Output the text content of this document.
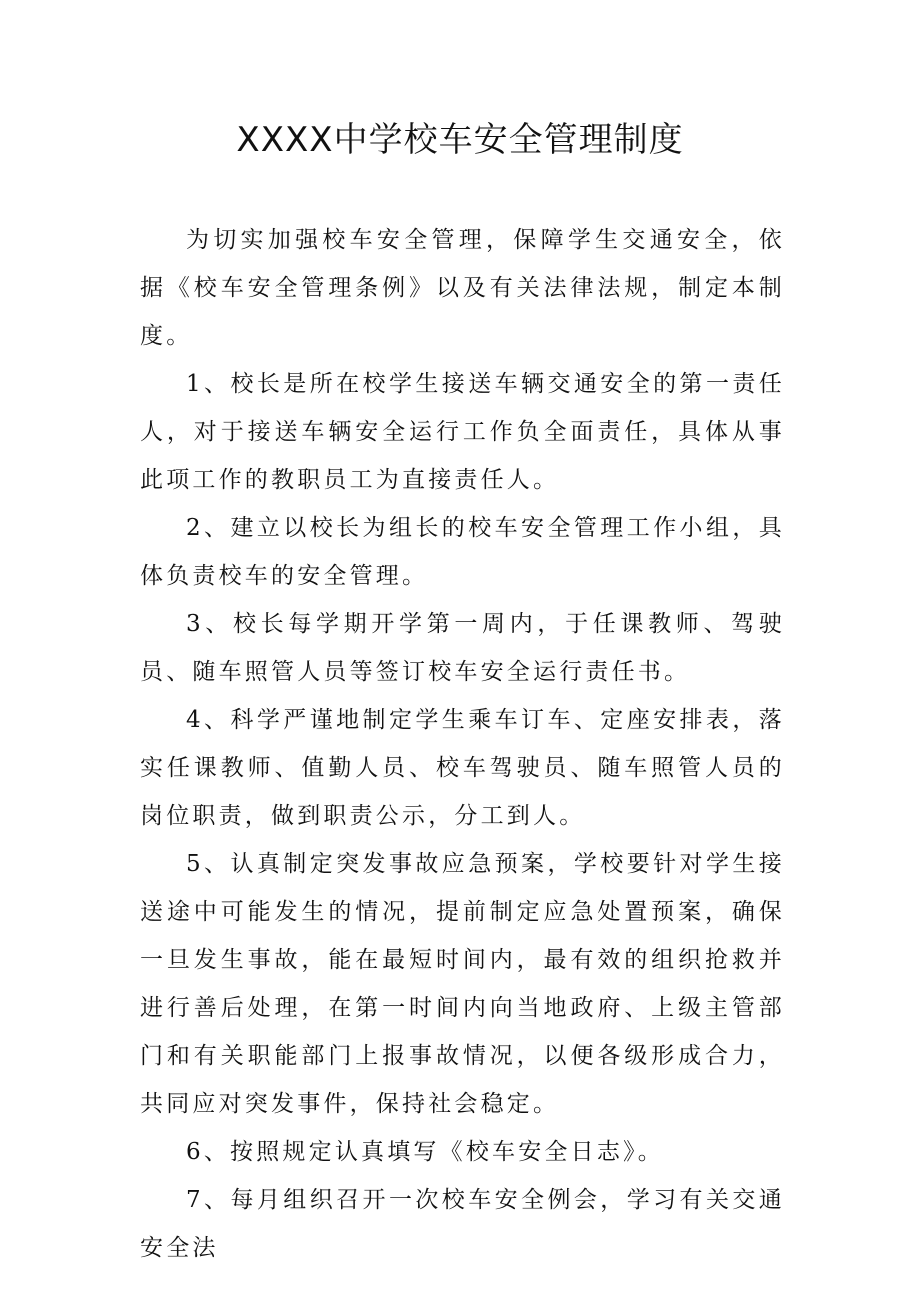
XXXX中学校车安全管理制度

为切实加强校车安全管理，保障学生交通安全，依据《校车安全管理条例》以及有关法律法规，制定本制度。

1、校长是所在校学生接送车辆交通安全的第一责任人，对于接送车辆安全运行工作负全面责任，具体从事此项工作的教职员工为直接责任人。

2、建立以校长为组长的校车安全管理工作小组，具体负责校车的安全管理。

3、校长每学期开学第一周内，于任课教师、驾驶员、随车照管人员等签订校车安全运行责任书。

4、科学严谨地制定学生乘车订车、定座安排表，落实任课教师、值勤人员、校车驾驶员、随车照管人员的岗位职责，做到职责公示，分工到人。

5、认真制定突发事故应急预案，学校要针对学生接送途中可能发生的情况，提前制定应急处置预案，确保一旦发生事故，能在最短时间内，最有效的组织抢救并进行善后处理，在第一时间内向当地政府、上级主管部门和有关职能部门上报事故情况，以便各级形成合力，共同应对突发事件，保持社会稳定。

6、按照规定认真填写《校车安全日志》。

7、每月组织召开一次校车安全例会，学习有关交通安全法
